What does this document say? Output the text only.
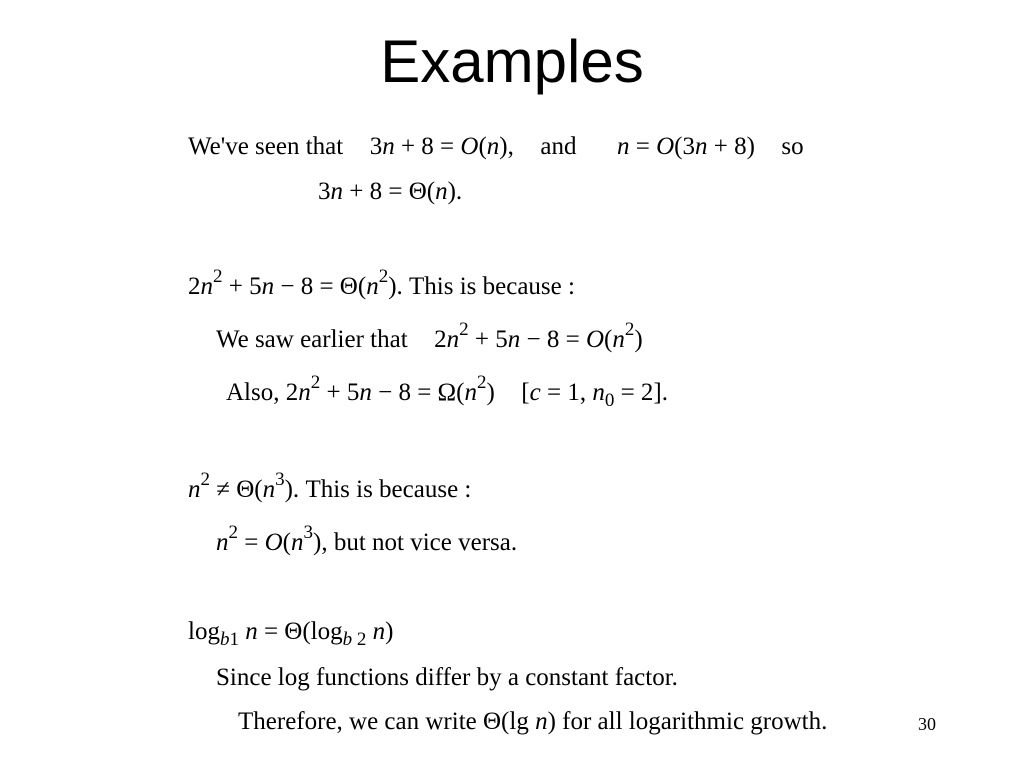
Examples
We've seen that 3n + 8 = O(n), and n = O(3n + 8) so
3n + 8 = Θ(n).
$2n^2 + 5n - 8 = \Theta(n^2)$. This is because :
We saw earlier that $2n^2 + 5n - 8 = O(n^2)$
Also, $2n^2 + 5n - 8 = \Omega(n^2) [c = 1$, $n_0 = 2$].
$n^2 \ne \Theta(n^3)$. This is because :
$n^2 = O(n^3)$, but not vice versa.
$\log_{b1} n = \Theta(\log_{b 2}$ n)
Since log functions differ by a constant factor.
Therefore, we can write Θ(lg n) for all logarithmic growth.	30
